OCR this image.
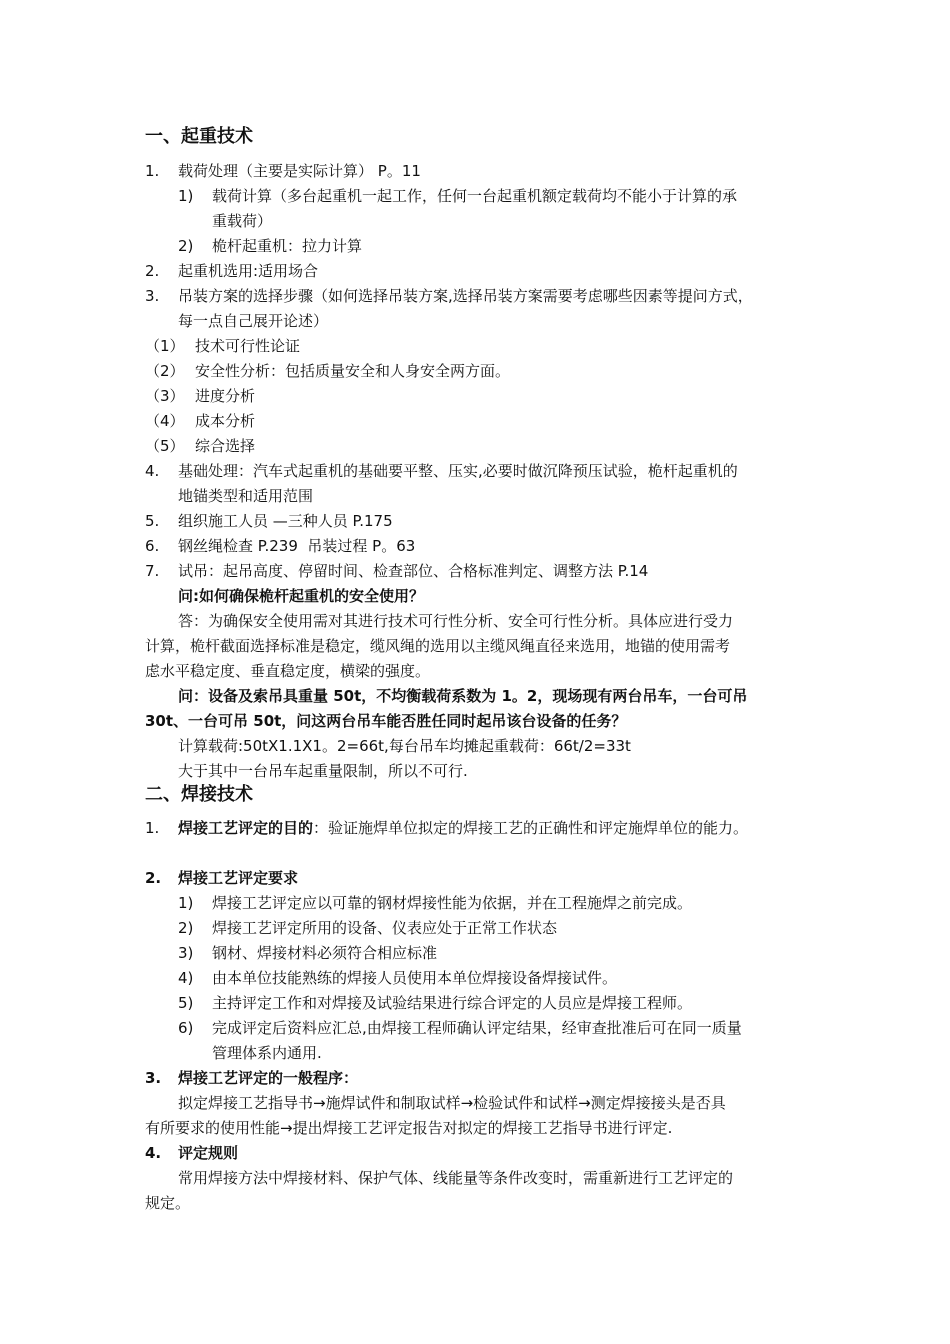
一、起重技术
1. 载荷处理（主要是实际计算） P。11
1) 载荷计算（多台起重机一起工作，任何一台起重机额定载荷均不能小于计算的承
重载荷）
2) 桅杆起重机：拉力计算
2. 起重机选用:适用场合
3. 吊装方案的选择步骤（如何选择吊装方案,选择吊装方案需要考虑哪些因素等提问方式，
每一点自己展开论述）
（1） 技术可行性论证
（2） 安全性分析：包括质量安全和人身安全两方面。
（3） 进度分析
（4） 成本分析
（5） 综合选择
4. 基础处理：汽车式起重机的基础要平整、压实,必要时做沉降预压试验，桅杆起重机的
地锚类型和适用范围
5. 组织施工人员 —三种人员 P.175
6. 钢丝绳检查 P.239  吊装过程 P。63
7. 试吊：起吊高度、停留时间、检查部位、合格标准判定、调整方法 P.14
问:如何确保桅杆起重机的安全使用？
答：为确保安全使用需对其进行技术可行性分析、安全可行性分析。具体应进行受力
计算，桅杆截面选择标准是稳定，缆风绳的选用以主缆风绳直径来选用，地锚的使用需考
虑水平稳定度、垂直稳定度，横梁的强度。
问：设备及索吊具重量 50t，不均衡载荷系数为 1。2，现场现有两台吊车，一台可吊
30t、一台可吊 50t，问这两台吊车能否胜任同时起吊该台设备的任务？
计算载荷:50tX1.1X1。2=66t,每台吊车均摊起重载荷：66t/2=33t
大于其中一台吊车起重量限制，所以不可行.
二、焊接技术
1. 焊接工艺评定的目的：验证施焊单位拟定的焊接工艺的正确性和评定施焊单位的能力。
2. 焊接工艺评定要求
1) 焊接工艺评定应以可靠的钢材焊接性能为依据，并在工程施焊之前完成。
2) 焊接工艺评定所用的设备、仪表应处于正常工作状态
3) 钢材、焊接材料必须符合相应标准
4) 由本单位技能熟练的焊接人员使用本单位焊接设备焊接试件。
5) 主持评定工作和对焊接及试验结果进行综合评定的人员应是焊接工程师。
6) 完成评定后资料应汇总,由焊接工程师确认评定结果，经审查批准后可在同一质量
管理体系内通用.
3. 焊接工艺评定的一般程序：
拟定焊接工艺指导书→施焊试件和制取试样→检验试件和试样→测定焊接接头是否具
有所要求的使用性能→提出焊接工艺评定报告对拟定的焊接工艺指导书进行评定.
4. 评定规则
常用焊接方法中焊接材料、保护气体、线能量等条件改变时，需重新进行工艺评定的
规定。
